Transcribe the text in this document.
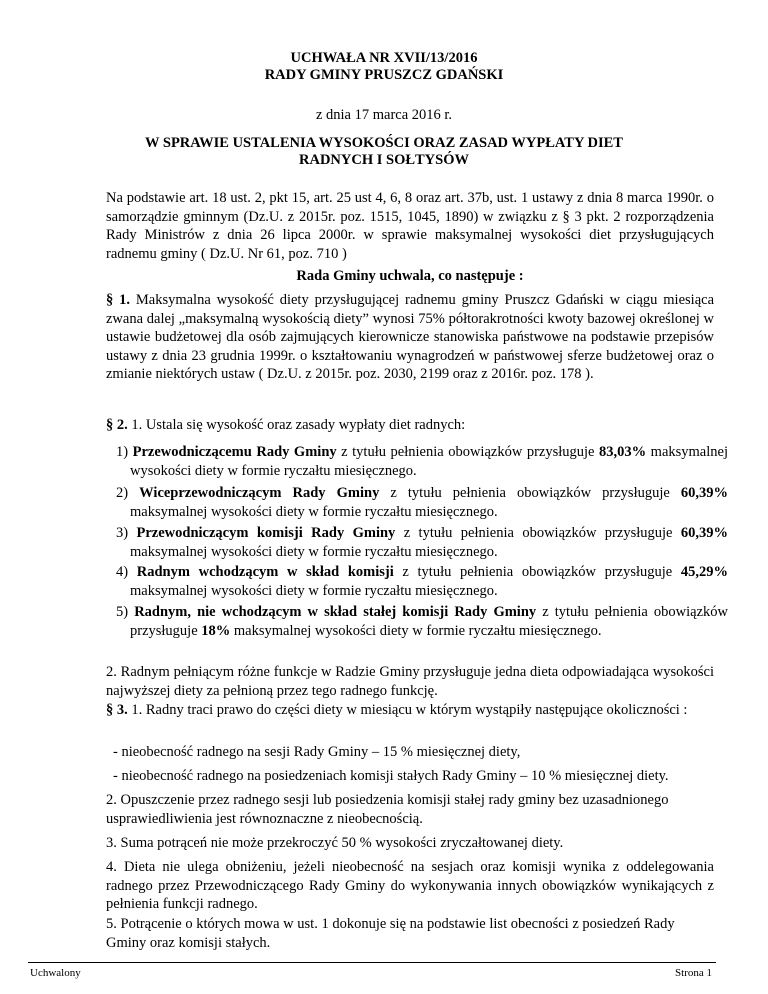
UCHWAŁA NR XVII/13/2016
RADY GMINY PRUSZCZ GDAŃSKI
z dnia 17 marca 2016 r.
W SPRAWIE USTALENIA WYSOKOŚCI ORAZ ZASAD WYPŁATY DIET RADNYCH I SOŁTYSÓW
Na podstawie art. 18 ust. 2, pkt 15, art. 25 ust 4, 6, 8 oraz art. 37b, ust. 1 ustawy z dnia 8 marca 1990r. o samorządzie gminnym (Dz.U. z 2015r. poz. 1515, 1045, 1890) w związku z § 3 pkt. 2 rozporządzenia Rady Ministrów z dnia 26 lipca 2000r. w sprawie maksymalnej wysokości diet przysługujących radnemu gminy ( Dz.U. Nr 61, poz. 710 )
Rada Gminy uchwala, co następuje :
§ 1. Maksymalna wysokość diety przysługującej radnemu gminy Pruszcz Gdański w ciągu miesiąca zwana dalej „maksymalną wysokością diety” wynosi 75% półtorakrotności kwoty bazowej określonej w ustawie budżetowej dla osób zajmujących kierownicze stanowiska państwowe na podstawie przepisów ustawy z dnia 23 grudnia 1999r. o kształtowaniu wynagrodzeń w państwowej sferze budżetowej oraz o zmianie niektórych ustaw ( Dz.U. z 2015r. poz. 2030, 2199 oraz z 2016r. poz. 178 ).
§ 2. 1. Ustala się wysokość oraz zasady wypłaty diet radnych:
1) Przewodniczącemu Rady Gminy z tytułu pełnienia obowiązków przysługuje 83,03% maksymalnej wysokości diety w formie ryczałtu miesięcznego.
2) Wiceprzewodniczącym Rady Gminy z tytułu pełnienia obowiązków przysługuje 60,39% maksymalnej wysokości diety w formie ryczałtu miesięcznego.
3) Przewodniczącym komisji Rady Gminy z tytułu pełnienia obowiązków przysługuje 60,39% maksymalnej wysokości diety w formie ryczałtu miesięcznego.
4) Radnym wchodzącym w skład komisji z tytułu pełnienia obowiązków przysługuje 45,29% maksymalnej wysokości diety w formie ryczałtu miesięcznego.
5) Radnym, nie wchodzącym w skład stałej komisji Rady Gminy z tytułu pełnienia obowiązków przysługuje 18% maksymalnej wysokości diety w formie ryczałtu miesięcznego.
2. Radnym pełniącym różne funkcje w Radzie Gminy przysługuje jedna dieta odpowiadająca wysokości najwyższej diety za pełnioną przez tego radnego funkcję.
§ 3. 1. Radny traci prawo do części diety w miesiącu w którym wystąpiły następujące okoliczności :
- nieobecność radnego na sesji Rady Gminy – 15 % miesięcznej diety,
- nieobecność radnego na posiedzeniach komisji stałych Rady Gminy – 10 % miesięcznej diety.
2. Opuszczenie przez radnego sesji lub posiedzenia komisji stałej rady gminy bez uzasadnionego usprawiedliwienia jest równoznaczne z nieobecnością.
3. Suma potrąceń nie może przekroczyć 50 % wysokości zryczałtowanej diety.
4. Dieta nie ulega obniżeniu, jeżeli nieobecność na sesjach oraz komisji wynika z oddelegowania radnego przez Przewodniczącego Rady Gminy do wykonywania innych obowiązków wynikających z pełnienia funkcji radnego.
5. Potrącenie o których mowa w ust. 1 dokonuje się na podstawie list obecności z posiedzeń Rady Gminy oraz komisji stałych.
Uchwalony	Strona 1
